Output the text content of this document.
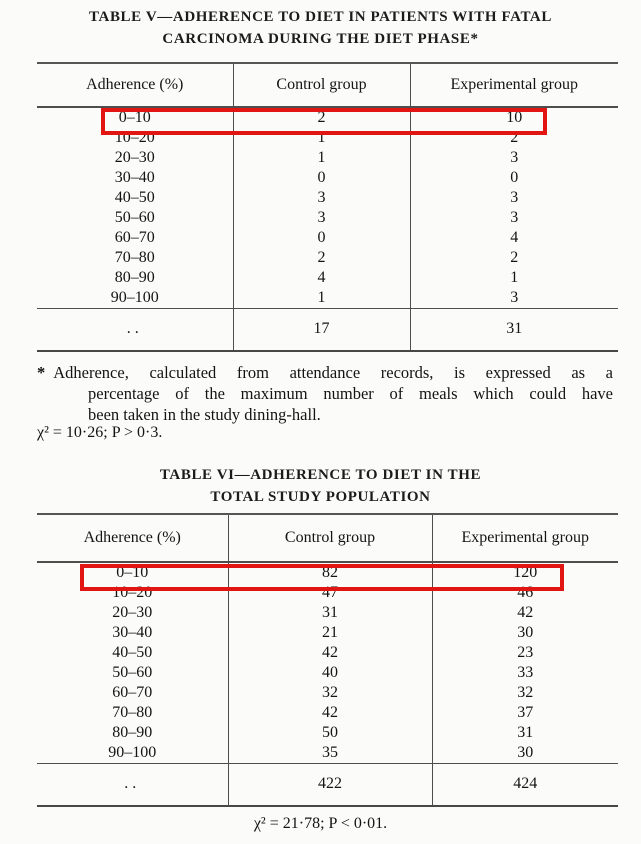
TABLE V—ADHERENCE TO DIET IN PATIENTS WITH FATAL
CARCINOMA DURING THE DIET PHASE*
Adherence (%)	Control group	Experimental group
0–10	2	10
10–20	1	2
20–30	1	3
30–40	0	0
40–50	3	3
50–60	3	3
60–70	0	4
70–80	2	2
80–90	4	1
90–100	1	3
..	17	31
* Adherence, calculated from attendance records, is expressed as a
percentage of the maximum number of meals which could have
been taken in the study dining-hall.
χ² = 10·26; P > 0·3.
TABLE VI—ADHERENCE TO DIET IN THE
TOTAL STUDY POPULATION
Adherence (%)	Control group	Experimental group
0–10	82	120
10–20	47	46
20–30	31	42
30–40	21	30
40–50	42	23
50–60	40	33
60–70	32	32
70–80	42	37
80–90	50	31
90–100	35	30
..	422	424
χ² = 21·78; P < 0·01.
